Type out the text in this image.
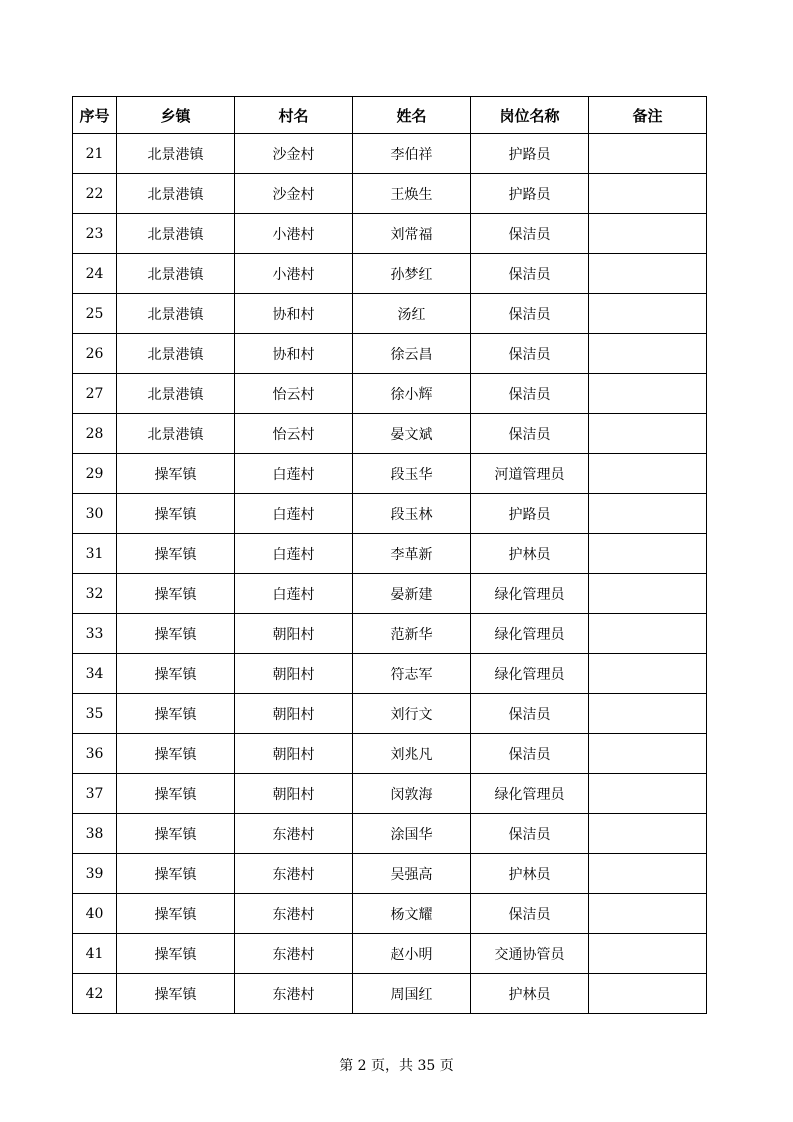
序号	乡镇	村名	姓名	岗位名称	备注
21	北景港镇	沙金村	李伯祥	护路员	
22	北景港镇	沙金村	王焕生	护路员	
23	北景港镇	小港村	刘常福	保洁员	
24	北景港镇	小港村	孙梦红	保洁员	
25	北景港镇	协和村	汤红	保洁员	
26	北景港镇	协和村	徐云昌	保洁员	
27	北景港镇	怡云村	徐小辉	保洁员	
28	北景港镇	怡云村	晏文斌	保洁员	
29	操军镇	白莲村	段玉华	河道管理员	
30	操军镇	白莲村	段玉林	护路员	
31	操军镇	白莲村	李革新	护林员	
32	操军镇	白莲村	晏新建	绿化管理员	
33	操军镇	朝阳村	范新华	绿化管理员	
34	操军镇	朝阳村	符志军	绿化管理员	
35	操军镇	朝阳村	刘行文	保洁员	
36	操军镇	朝阳村	刘兆凡	保洁员	
37	操军镇	朝阳村	闵敦海	绿化管理员	
38	操军镇	东港村	涂国华	保洁员	
39	操军镇	东港村	吴强高	护林员	
40	操军镇	东港村	杨文耀	保洁员	
41	操军镇	东港村	赵小明	交通协管员	
42	操军镇	东港村	周国红	护林员	
第 2 页，共 35 页
